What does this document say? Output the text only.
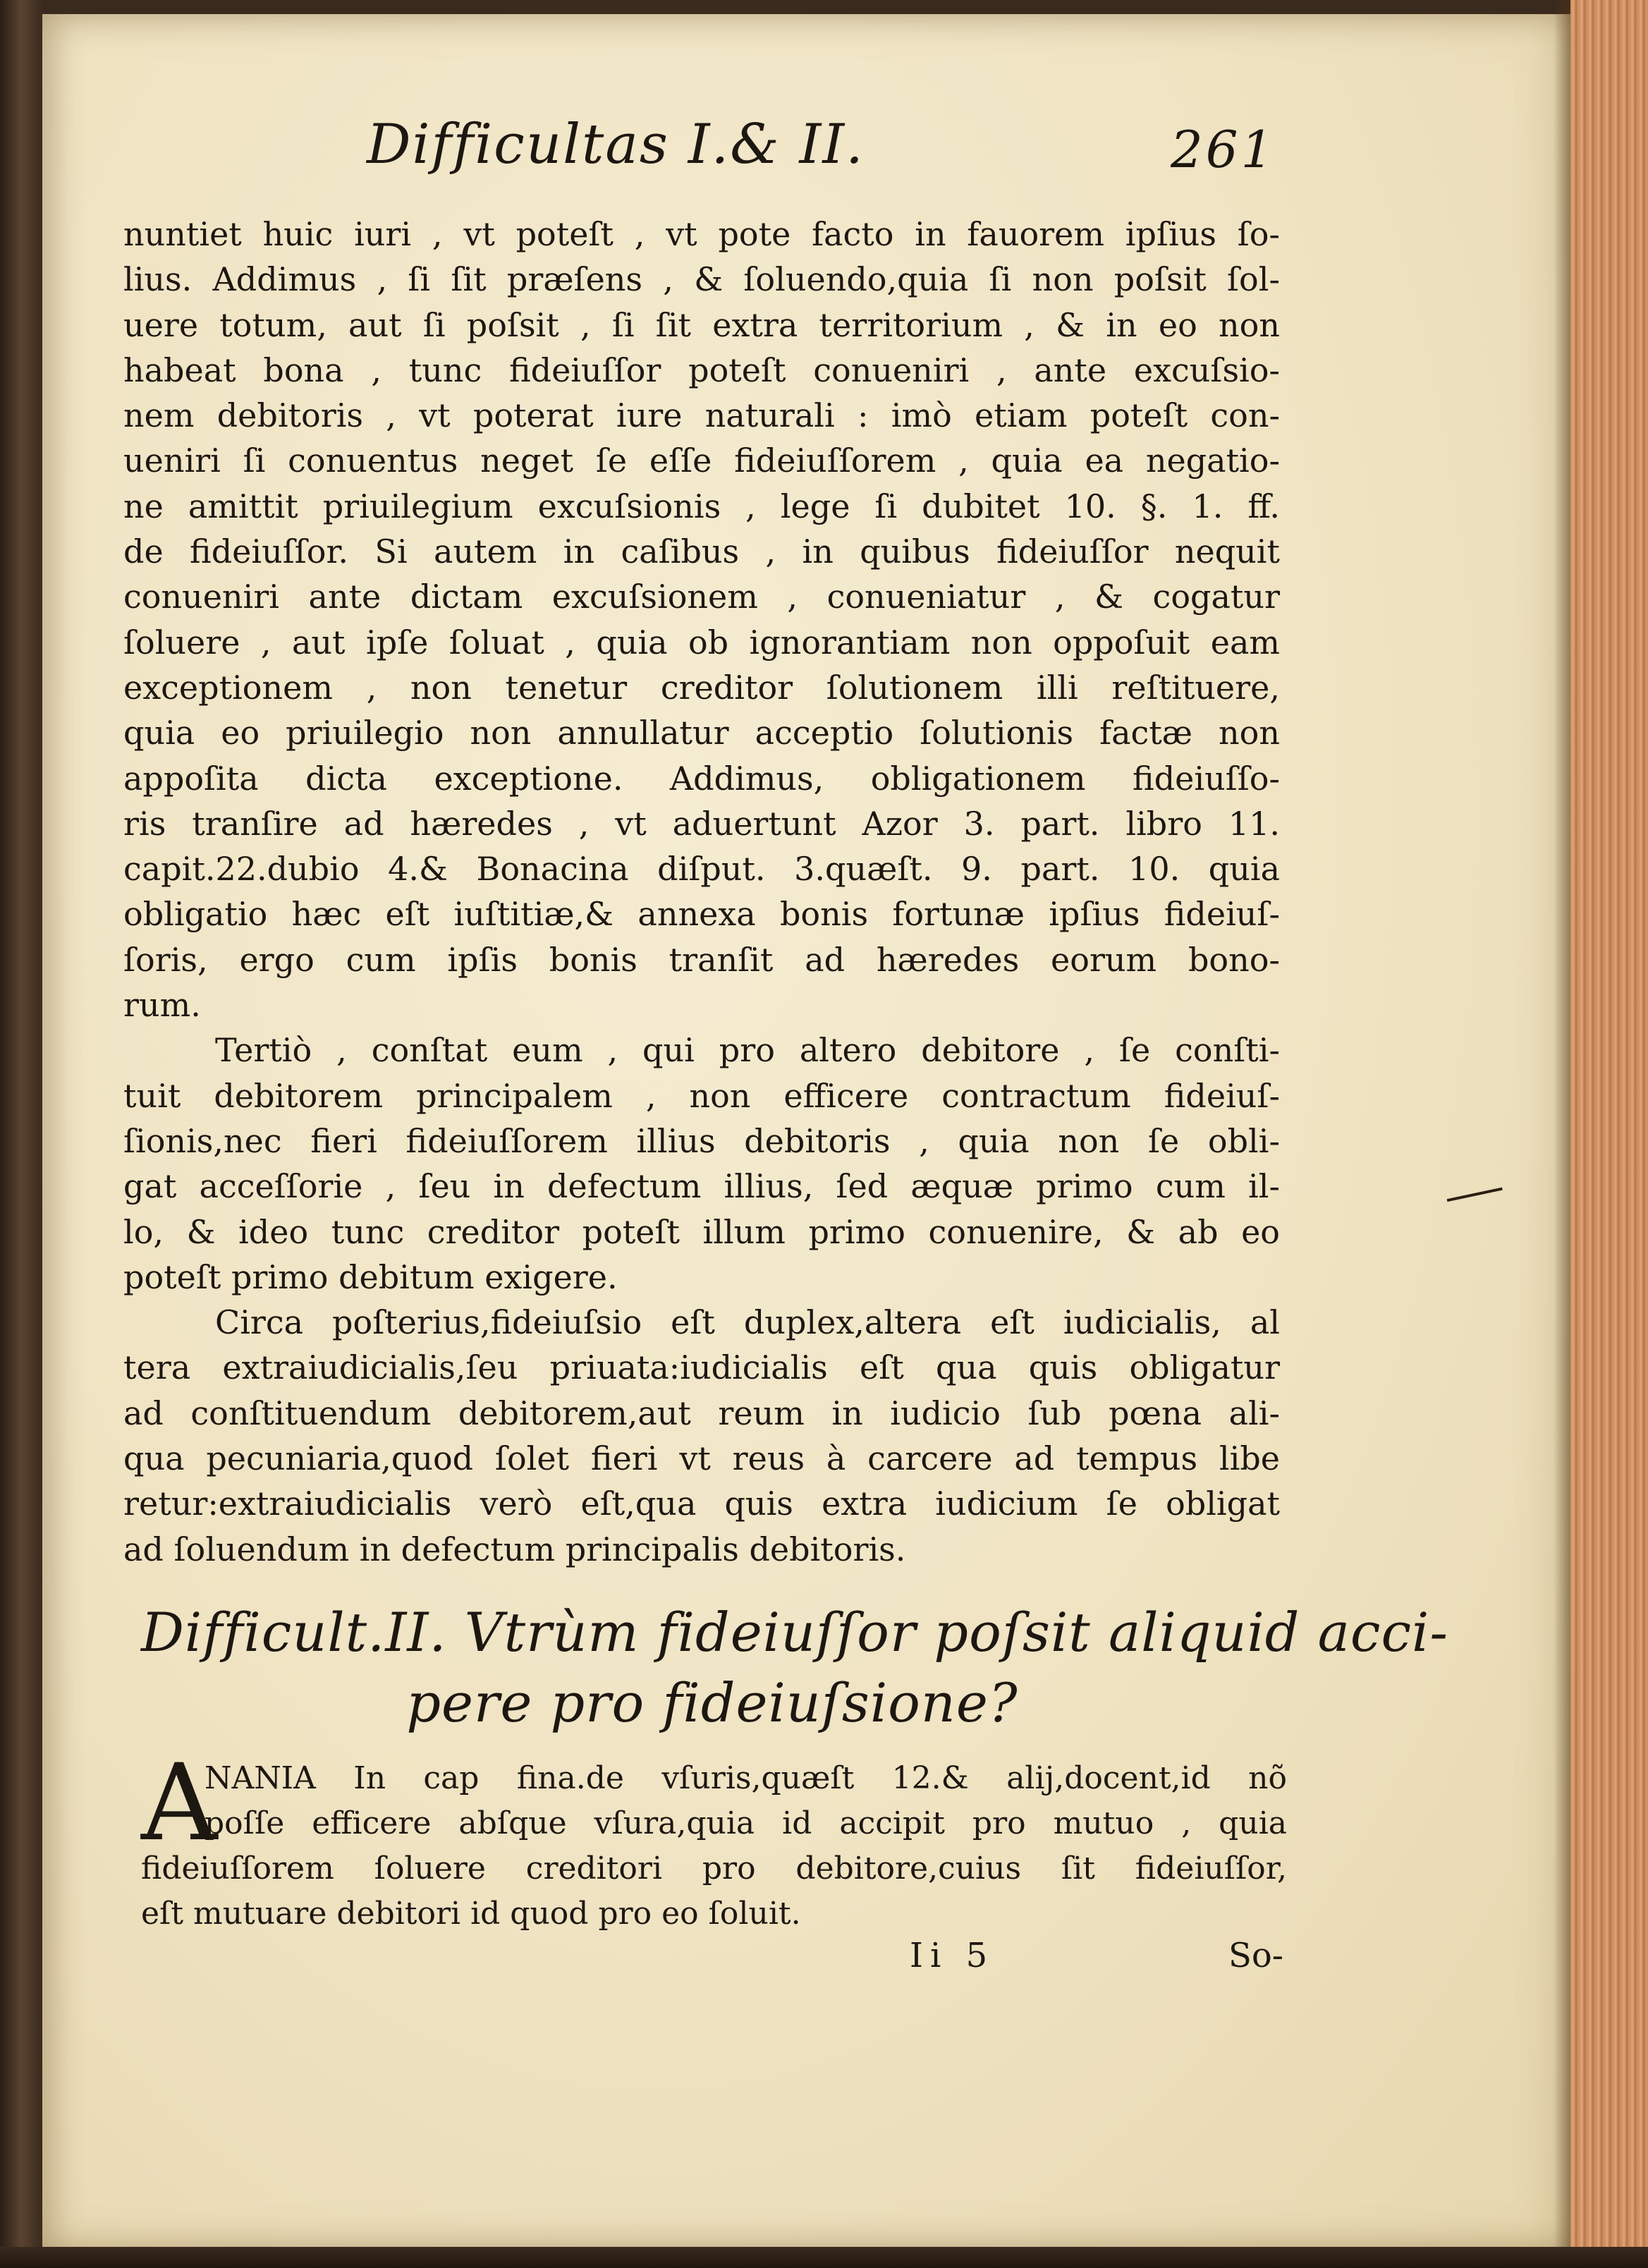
Difficultas I.& II.	261
nuntiet huic iuri , vt poteſt , vt pote facto in fauorem ipſius ſo-
lius. Addimus , ſi ſit præſens , & ſoluendo,quia ſi non poſsit ſol-
uere totum, aut ſi poſsit , ſi ſit extra territorium , & in eo non
habeat bona , tunc fideiuſſor poteſt conueniri , ante excuſsio-
nem debitoris , vt poterat iure naturali : imò etiam poteſt con-
ueniri ſi conuentus neget ſe eſſe fideiuſſorem , quia ea negatio-
ne amittit priuilegium excuſsionis , lege ſi dubitet 10. §. 1. ff.
de fideiuſſor. Si autem in caſibus , in quibus fideiuſſor nequit
conueniri ante dictam excuſsionem , conueniatur , & cogatur
ſoluere , aut ipſe ſoluat , quia ob ignorantiam non oppoſuit eam
exceptionem , non tenetur creditor ſolutionem illi reſtituere,
quia eo priuilegio non annullatur acceptio ſolutionis factæ non
appoſita dicta exceptione. Addimus, obligationem fideiuſſo-
ris tranſire ad hæredes , vt aduertunt Azor 3. part. libro 11.
capit.22.dubio 4.& Bonacina diſput. 3.quæſt. 9. part. 10. quia
obligatio hæc eſt iuſtitiæ,& annexa bonis fortunæ ipſius fideiuſ-
ſoris, ergo cum ipſis bonis tranſit ad hæredes eorum bono-
rum.
Tertiò , conſtat eum , qui pro altero debitore , ſe conſti-
tuit debitorem principalem , non efficere contractum fideiuſ-
ſionis,nec fieri fideiuſſorem illius debitoris , quia non ſe obli-
gat acceſſorie , ſeu in defectum illius, ſed æquæ primo cum il-
lo, & ideo tunc creditor poteſt illum primo conuenire, & ab eo
poteſt primo debitum exigere.
Circa poſterius,fideiuſsio eſt duplex,altera eſt iudicialis, al
tera extraiudicialis,ſeu priuata:iudicialis eſt qua quis obligatur
ad conſtituendum debitorem,aut reum in iudicio ſub pœna ali-
qua pecuniaria,quod ſolet fieri vt reus à carcere ad tempus libe
retur:extraiudicialis verò eſt,qua quis extra iudicium ſe obligat
ad ſoluendum in defectum principalis debitoris.
Difficult.II. Vtrùm fideiuſſor poſsit aliquid acci-
pere pro fideiuſsione?
A
NANIA In cap fina.de vſuris,quæſt 12.& alij,docent,id nõ
poſſe efficere abſque vſura,quia id accipit pro mutuo , quia
fideiuſſorem ſoluere creditori pro debitore,cuius ſit fideiuſſor,
eſt mutuare debitori id quod pro eo ſoluit.
Ii 5	So-
